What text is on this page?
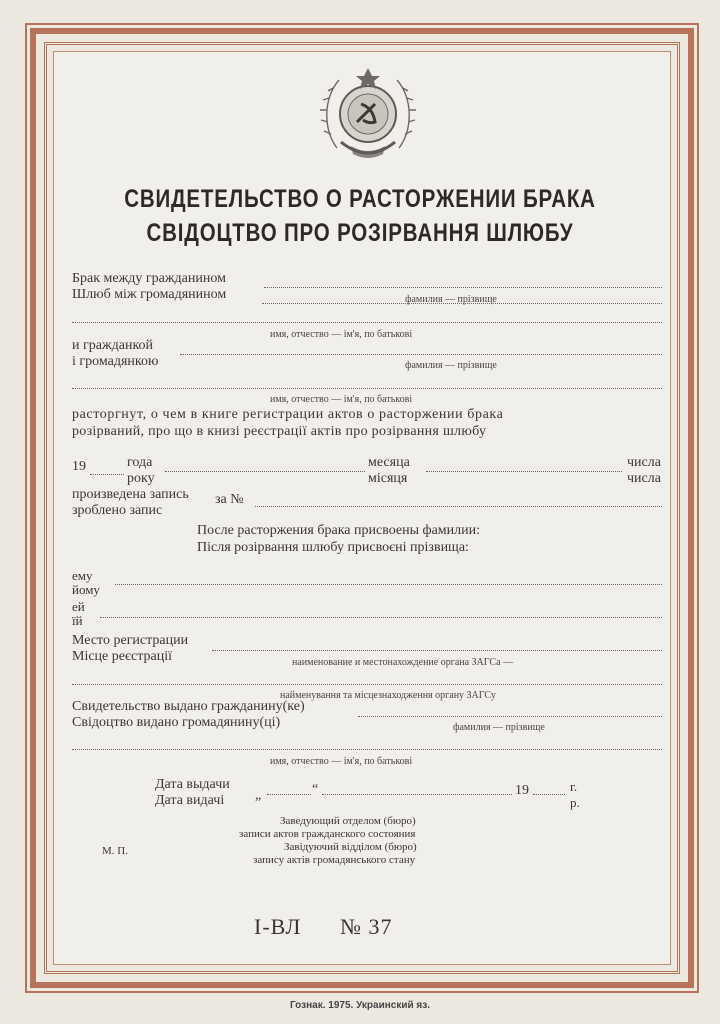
СВИДЕТЕЛЬСТВО О РАСТОРЖЕНИИ БРАКА
СВІДОЦТВО ПРО РОЗІРВАННЯ ШЛЮБУ
Брак между гражданином
Шлюб між громадянином	фамилия — прізвище
имя, отчество — ім'я, по батькові
и гражданкой
і громадянкою	фамилия — прізвище
имя, отчество — ім'я, по батькові
расторгнут, о чем в книге регистрации актов о расторжении брака
розірваний, про що в книзі реєстрації актів про розірвання шлюбу
19	года
року
месяца
місяця
числа
числа
произведена запись
зроблено запис
за №
После расторжения брака присвоены фамилии:
Після розірвання шлюбу присвоєні прізвища:
ему
йому
ей
їй
Место регистрации
Місце реєстрації	наименование и местонахождение органа ЗАГСа —
найменування та місцезнаходження органу ЗАГСу
Свидетельство выдано гражданину(ке)
Свідоцтво видано громадянину(ці)	фамилия — прізвище
имя, отчество — ім'я, по батькові
Дата выдачи
Дата видачі „	“	19	г.
р.
Заведующий отделом (бюро)
записи актов гражданского состояния
Завідуючий відділом (бюро)
запису актів громадянського стану
М. П.
I-ВЛ № 37
Гознак. 1975. Украинский яз.
